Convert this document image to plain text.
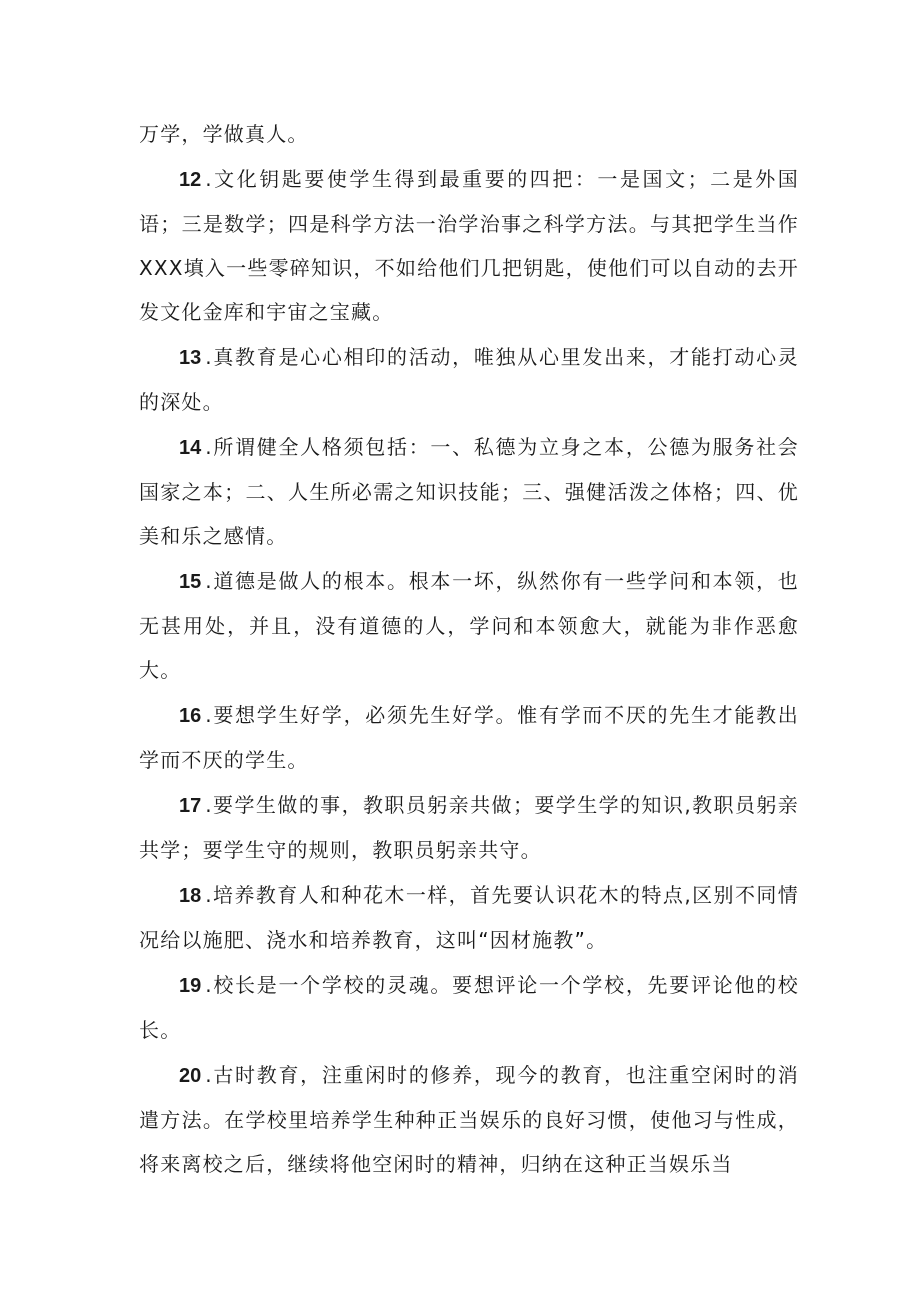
万学，学做真人。

12 .文化钥匙要使学生得到最重要的四把：一是国文；二是外国语；三是数学；四是科学方法一治学治事之科学方法。与其把学生当作XXX填入一些零碎知识，不如给他们几把钥匙，使他们可以自动的去开发文化金库和宇宙之宝藏。

13 .真教育是心心相印的活动，唯独从心里发出来，才能打动心灵的深处。

14 .所谓健全人格须包括：一、私德为立身之本，公德为服务社会国家之本；二、人生所必需之知识技能；三、强健活泼之体格；四、优美和乐之感情。

15 .道德是做人的根本。根本一坏，纵然你有一些学问和本领，也无甚用处，并且，没有道德的人，学问和本领愈大，就能为非作恶愈大。

16 .要想学生好学，必须先生好学。惟有学而不厌的先生才能教出学而不厌的学生。

17 .要学生做的事，教职员躬亲共做；要学生学的知识,教职员躬亲共学；要学生守的规则，教职员躬亲共守。

18 .培养教育人和种花木一样，首先要认识花木的特点,区别不同情况给以施肥、浇水和培养教育，这叫“因材施教”。

19 .校长是一个学校的灵魂。要想评论一个学校，先要评论他的校长。

20 .古时教育，注重闲时的修养，现今的教育，也注重空闲时的消遣方法。在学校里培养学生种种正当娱乐的良好习惯，使他习与性成，将来离校之后，继续将他空闲时的精神，归纳在这种正当娱乐当
